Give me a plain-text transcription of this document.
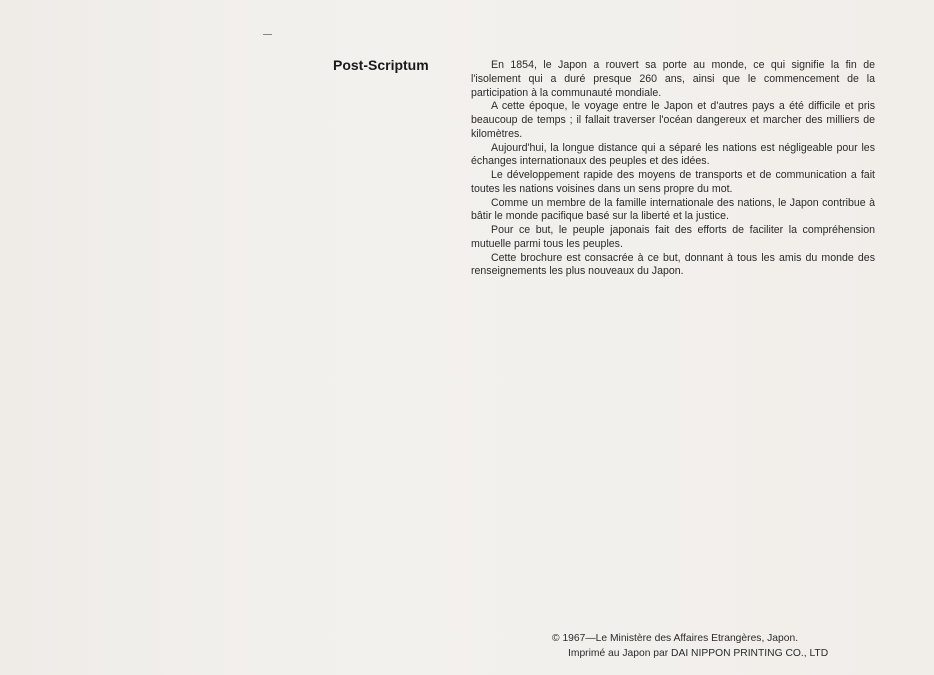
Post-Scriptum	En 1854, le Japon a rouvert sa porte au monde, ce qui signifie la fin de l'isolement qui a duré presque 260 ans, ainsi que le commencement de la participation à la communauté mondiale.

A cette époque, le voyage entre le Japon et d'autres pays a été difficile et pris beaucoup de temps ; il fallait traverser l'océan dangereux et marcher des milliers de kilomètres.

Aujourd'hui, la longue distance qui a séparé les nations est négligeable pour les échanges internationaux des peuples et des idées.

Le développement rapide des moyens de transports et de communication a fait toutes les nations voisines dans un sens propre du mot.

Comme un membre de la famille internationale des nations, le Japon contribue à bâtir le monde pacifique basé sur la liberté et la justice.

Pour ce but, le peuple japonais fait des efforts de faciliter la compréhension mutuelle parmi tous les peuples.

Cette brochure est consacrée à ce but, donnant à tous les amis du monde des renseignements les plus nouveaux du Japon.

© 1967—Le Ministère des Affaires Etrangères, Japon.
Imprimé au Japon par DAI NIPPON PRINTING CO., LTD
